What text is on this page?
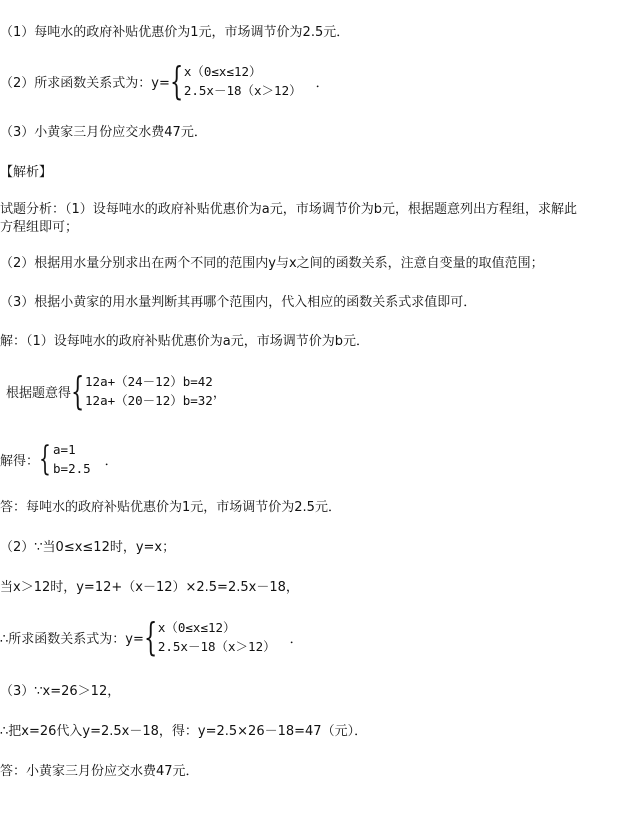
（1）每吨水的政府补贴优惠价为1元，市场调节价为2.5元．
（2）所求函数关系式为：y= { x（0≤x≤12）
2.5x－18（x＞12） ．
（3）小黄家三月份应交水费47元．
【解析】
试题分析：（1）设每吨水的政府补贴优惠价为a元，市场调节价为b元，根据题意列出方程组，求解此
方程组即可；
（2）根据用水量分别求出在两个不同的范围内y与x之间的函数关系，注意自变量的取值范围；
（3）根据小黄家的用水量判断其再哪个范围内，代入相应的函数关系式求值即可．
解：（1）设每吨水的政府补贴优惠价为a元，市场调节价为b元．
根据题意得 { 12a+（24－12）b=42
12a+（20－12）b=32 ，
解得： { a=1
b=2.5 ．
答：每吨水的政府补贴优惠价为1元，市场调节价为2.5元．
（2）∵当0≤x≤12时，y=x；
当x＞12时，y=12+（x－12）×2.5=2.5x－18，
∴所求函数关系式为：y= { x（0≤x≤12）
2.5x－18（x＞12） ．
（3）∵x=26＞12，
∴把x=26代入y=2.5x－18，得：y=2.5×26－18=47（元）．
答：小黄家三月份应交水费47元．
